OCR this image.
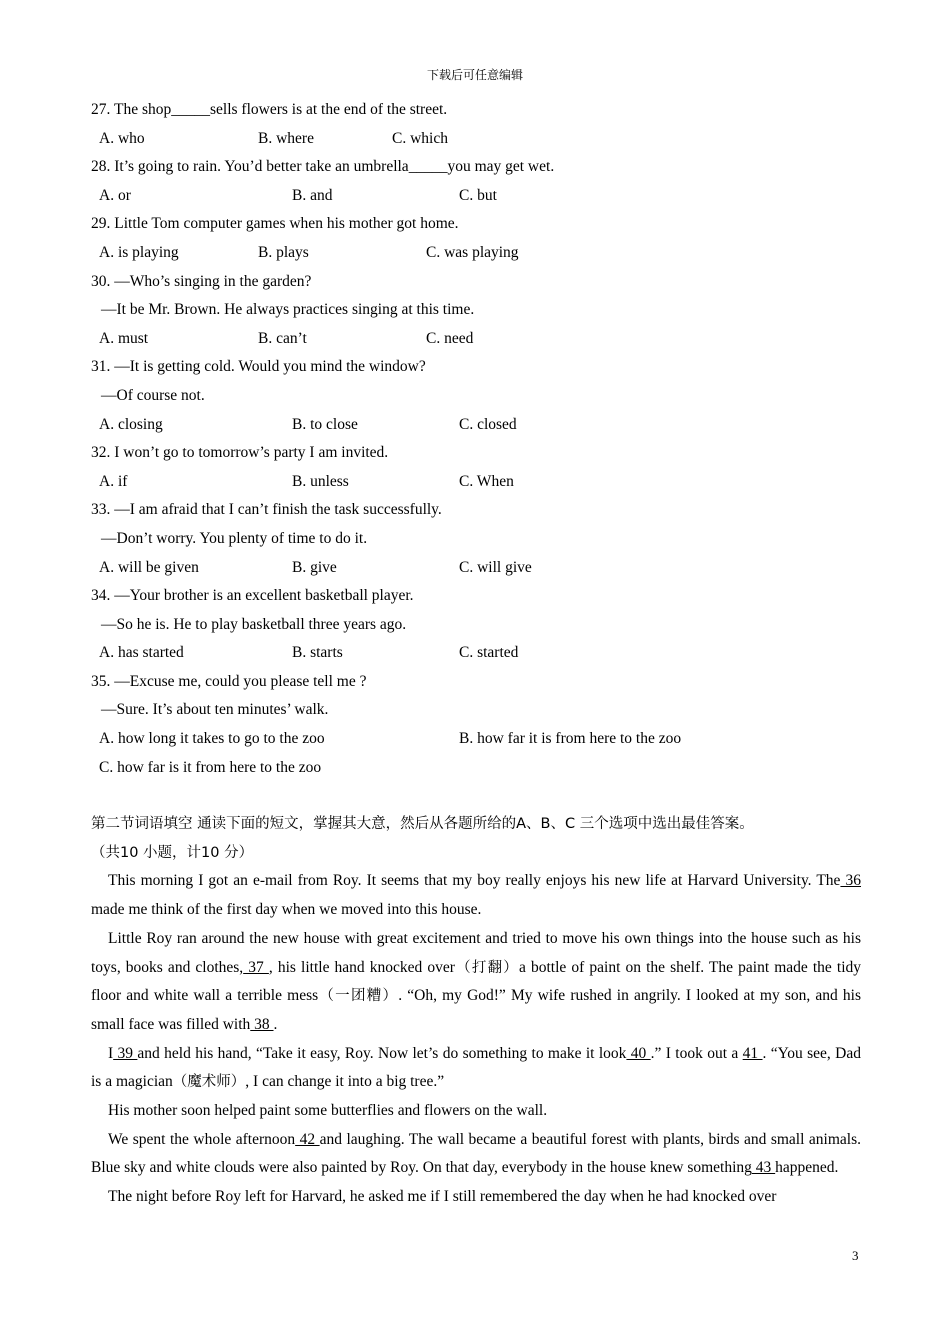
下载后可任意编辑
27. The shop_____sells flowers is at the end of the street.
A. who	B. where	C. which
28. It’s going to rain. You’d better take an umbrella_____you may get wet.
A. or	B. and	C. but
29. Little Tom computer games when his mother got home.
A. is playing	B. plays	C. was playing
30. —Who’s singing in the garden?
—It be Mr. Brown. He always practices singing at this time.
A. must	B. can’t	C. need
31. —It is getting cold. Would you mind the window?
—Of course not.
A. closing	B. to close	C. closed
32. I won’t go to tomorrow’s party I am invited.
A. if	B. unless	C. When
33. —I am afraid that I can’t finish the task successfully.
—Don’t worry. You plenty of time to do it.
A. will be given	B. give	C. will give
34. —Your brother is an excellent basketball player.
—So he is. He to play basketball three years ago.
A. has started	B. starts	C. started
35. —Excuse me, could you please tell me ?
—Sure. It’s about ten minutes’ walk.
A. how long it takes to go to the zoo	B. how far it is from here to the zoo
C. how far is it from here to the zoo
第二节词语填空 通读下面的短文，掌握其大意，然后从各题所给的A、B、C 三个选项中选出最佳答案。
（共10 小题，计10 分）

This morning I got an e-mail from Roy. It seems that my boy really enjoys his new life at Harvard University. The 36 made me think of the first day when we moved into this house.

Little Roy ran around the new house with great excitement and tried to move his own things into the house such as his toys, books and clothes, 37 , his little hand knocked over（打翻）a bottle of paint on the shelf. The paint made the tidy floor and white wall a terrible mess（一团糟）. “Oh, my God!” My wife rushed in angrily. I looked at my son, and his small face was filled with 38 .

I 39 and held his hand, “Take it easy, Roy. Now let’s do something to make it look 40 .” I took out a 41 . “You see, Dad is a magician（魔术师）, I can change it into a big tree.”

His mother soon helped paint some butterflies and flowers on the wall.

We spent the whole afternoon 42 and laughing. The wall became a beautiful forest with plants, birds and small animals. Blue sky and white clouds were also painted by Roy. On that day, everybody in the house knew something 43 happened.

The night before Roy left for Harvard, he asked me if I still remembered the day when he had knocked over

3
